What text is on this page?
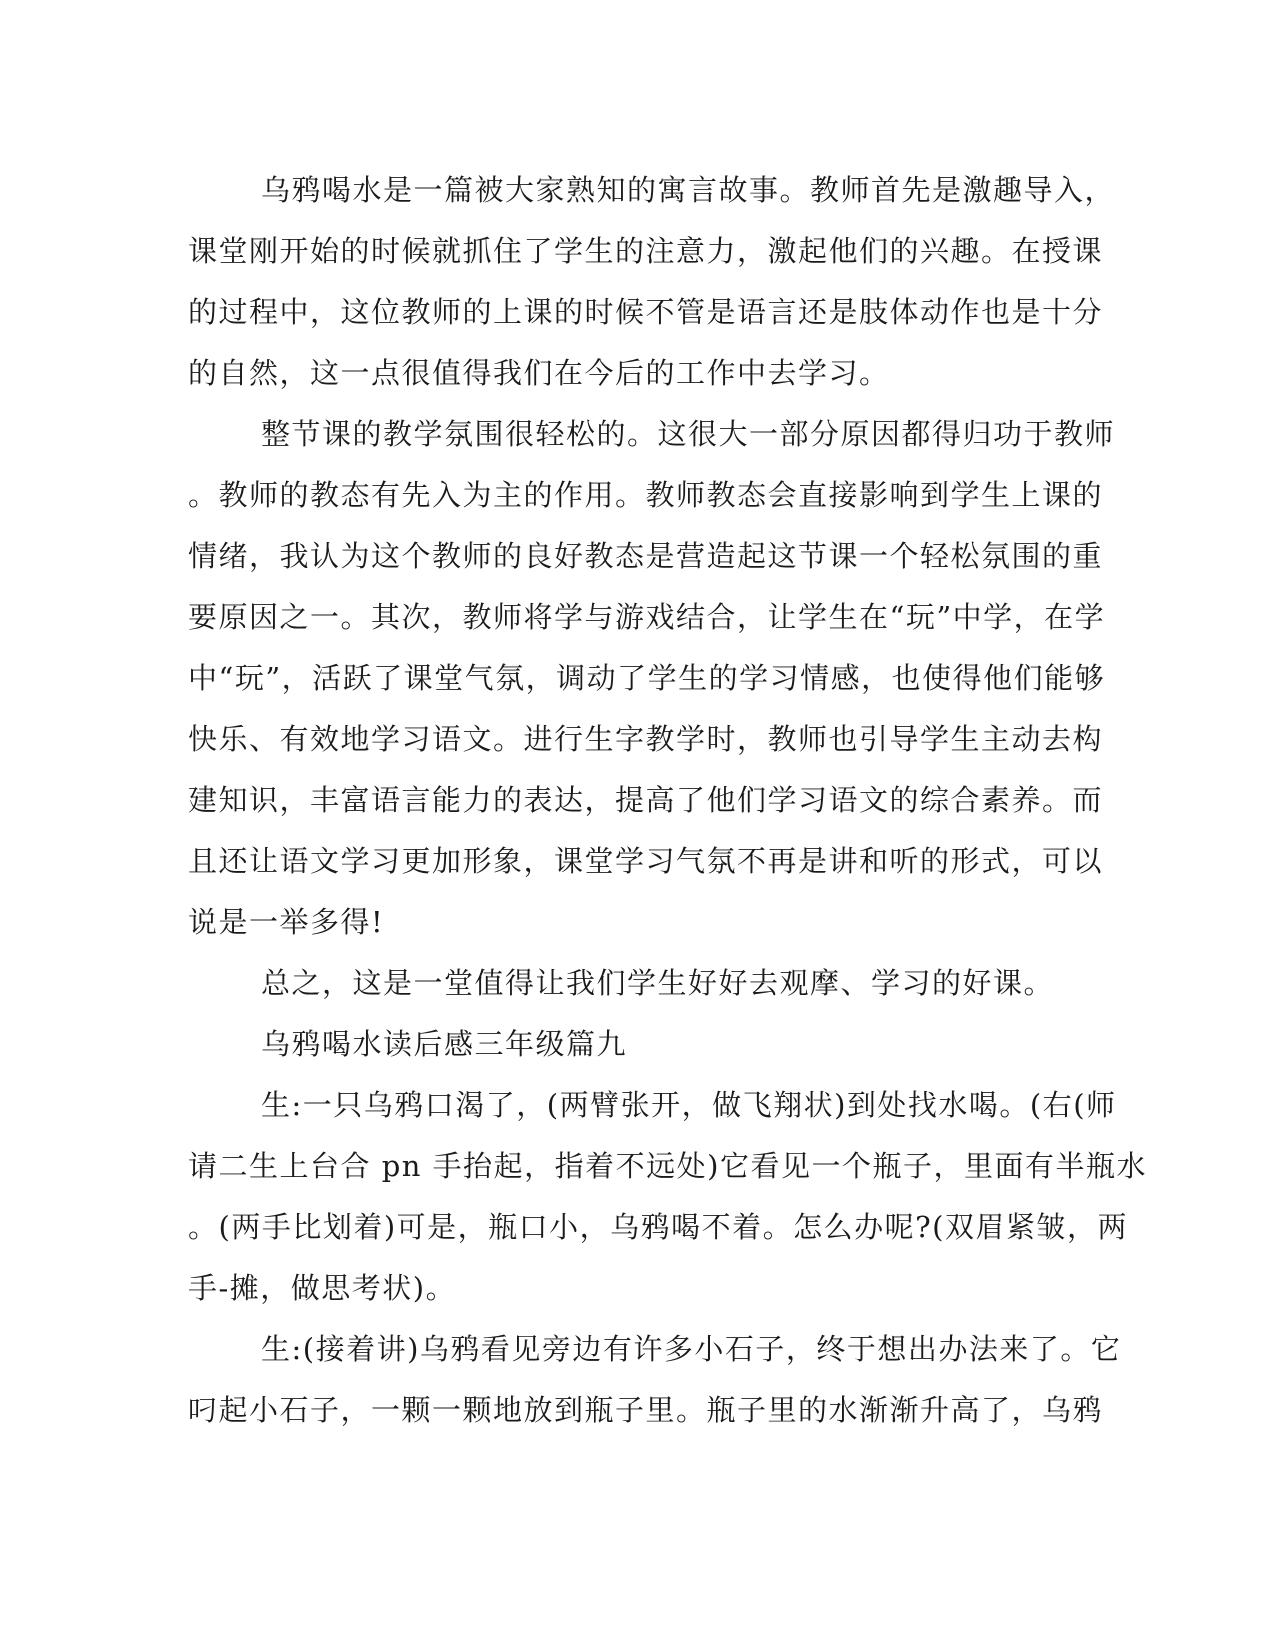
乌鸦喝水是一篇被大家熟知的寓言故事。教师首先是激趣导入，
课堂刚开始的时候就抓住了学生的注意力，激起他们的兴趣。在授课
的过程中，这位教师的上课的时候不管是语言还是肢体动作也是十分
的自然，这一点很值得我们在今后的工作中去学习。
整节课的教学氛围很轻松的。这很大一部分原因都得归功于教师
。教师的教态有先入为主的作用。教师教态会直接影响到学生上课的
情绪，我认为这个教师的良好教态是营造起这节课一个轻松氛围的重
要原因之一。其次，教师将学与游戏结合，让学生在“玩”中学，在学
中“玩”，活跃了课堂气氛，调动了学生的学习情感，也使得他们能够
快乐、有效地学习语文。进行生字教学时，教师也引导学生主动去构
建知识，丰富语言能力的表达，提高了他们学习语文的综合素养。而
且还让语文学习更加形象，课堂学习气氛不再是讲和听的形式，可以
说是一举多得!
总之，这是一堂值得让我们学生好好去观摩、学习的好课。
乌鸦喝水读后感三年级篇九
生:一只乌鸦口渴了，(两臂张开，做飞翔状)到处找水喝。(右(师
请二生上台合 pn 手抬起，指着不远处)它看见一个瓶子，里面有半瓶水
。(两手比划着)可是，瓶口小，乌鸦喝不着。怎么办呢?(双眉紧皱，两
手-摊，做思考状)。
生:(接着讲)乌鸦看见旁边有许多小石子，终于想出办法来了。它
叼起小石子，一颗一颗地放到瓶子里。瓶子里的水渐渐升高了，乌鸦
